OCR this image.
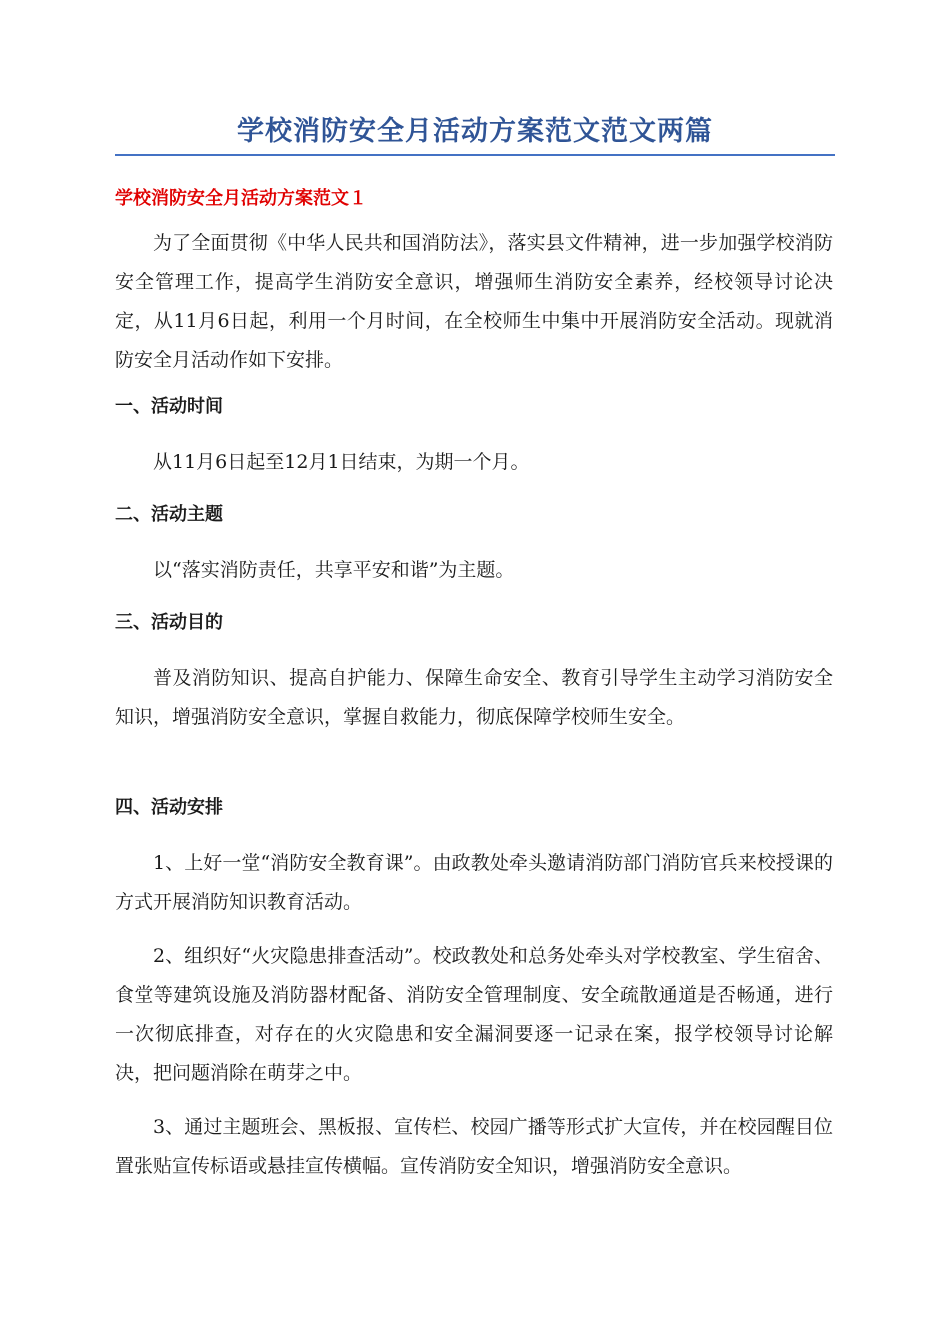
学校消防安全月活动方案范文范文两篇
学校消防安全月活动方案范文１

为了全面贯彻《中华人民共和国消防法》，落实县文件精神，进一步加强学校消防安全管理工作，提高学生消防安全意识，增强师生消防安全素养，经校领导讨论决定，从11月6日起，利用一个月时间，在全校师生中集中开展消防安全活动。现就消防安全月活动作如下安排。

一、活动时间

从11月6日起至12月1日结束，为期一个月。

二、活动主题

以“落实消防责任，共享平安和谐”为主题。

三、活动目的

普及消防知识、提高自护能力、保障生命安全、教育引导学生主动学习消防安全知识，增强消防安全意识，掌握自救能力，彻底保障学校师生安全。

四、活动安排

1、上好一堂“消防安全教育课”。由政教处牵头邀请消防部门消防官兵来校授课的方式开展消防知识教育活动。

2、组织好“火灾隐患排查活动”。校政教处和总务处牵头对学校教室、学生宿舍、食堂等建筑设施及消防器材配备、消防安全管理制度、安全疏散通道是否畅通，进行一次彻底排查，对存在的火灾隐患和安全漏洞要逐一记录在案，报学校领导讨论解决，把问题消除在萌芽之中。

3、通过主题班会、黑板报、宣传栏、校园广播等形式扩大宣传，并在校园醒目位置张贴宣传标语或悬挂宣传横幅。宣传消防安全知识，增强消防安全意识。
